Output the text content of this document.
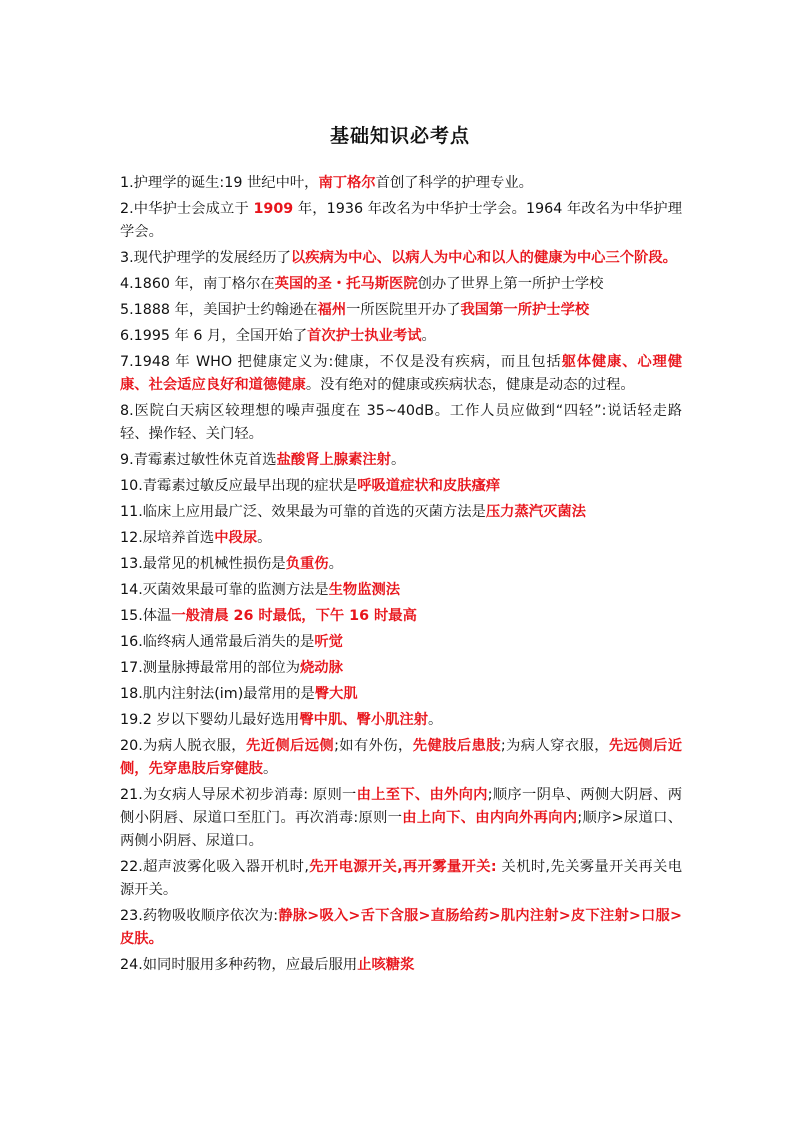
基础知识必考点

1.护理学的诞生:19 世纪中叶，南丁格尔首创了科学的护理专业。

2.中华护士会成立于 1909 年，1936 年改名为中华护士学会。1964 年改名为中华护理学会。

3.现代护理学的发展经历了以疾病为中心、以病人为中心和以人的健康为中心三个阶段。

4.1860 年，南丁格尔在英国的圣・托马斯医院创办了世界上第一所护士学校

5.1888 年，美国护士约翰逊在福州一所医院里开办了我国第一所护士学校

6.1995 年 6 月，全国开始了首次护士执业考试。

7.1948 年 WHO 把健康定义为:健康，不仅是没有疾病，而且包括躯体健康、心理健康、社会适应良好和道德健康。没有绝对的健康或疾病状态，健康是动态的过程。

8.医院白天病区较理想的噪声强度在 35~40dB。工作人员应做到“四轻”:说话轻走路轻、操作轻、关门轻。

9.青霉素过敏性休克首选盐酸肾上腺素注射。

10.青霉素过敏反应最早出现的症状是呼吸道症状和皮肤瘙痒

11.临床上应用最广泛、效果最为可靠的首选的灭菌方法是压力蒸汽灭菌法

12.尿培养首选中段尿。

13.最常见的机械性损伤是负重伤。

14.灭菌效果最可靠的监测方法是生物监测法

15.体温一般清晨 26 时最低，下午 16 时最高

16.临终病人通常最后消失的是听觉

17.测量脉搏最常用的部位为烧动脉

18.肌内注射法(im)最常用的是臀大肌

19.2 岁以下婴幼儿最好选用臀中肌、臀小肌注射。

20.为病人脱衣服，先近侧后远侧;如有外伤，先健肢后患肢;为病人穿衣服，先远侧后近侧，先穿患肢后穿健肢。

21.为女病人导尿术初步消毒: 原则一由上至下、由外向内;顺序一阴阜、两侧大阴唇、两侧小阴唇、尿道口至肛门。再次消毒:原则一由上向下、由内向外再向内;顺序>尿道口、两侧小阴唇、尿道口。

22.超声波雾化吸入器开机时,先开电源开关,再开雾量开关: 关机时,先关雾量开关再关电源开关。

23.药物吸收顺序依次为:静脉>吸入>舌下含服>直肠给药>肌内注射>皮下注射>口服>皮肤。

24.如同时服用多种药物，应最后服用止咳糖浆
